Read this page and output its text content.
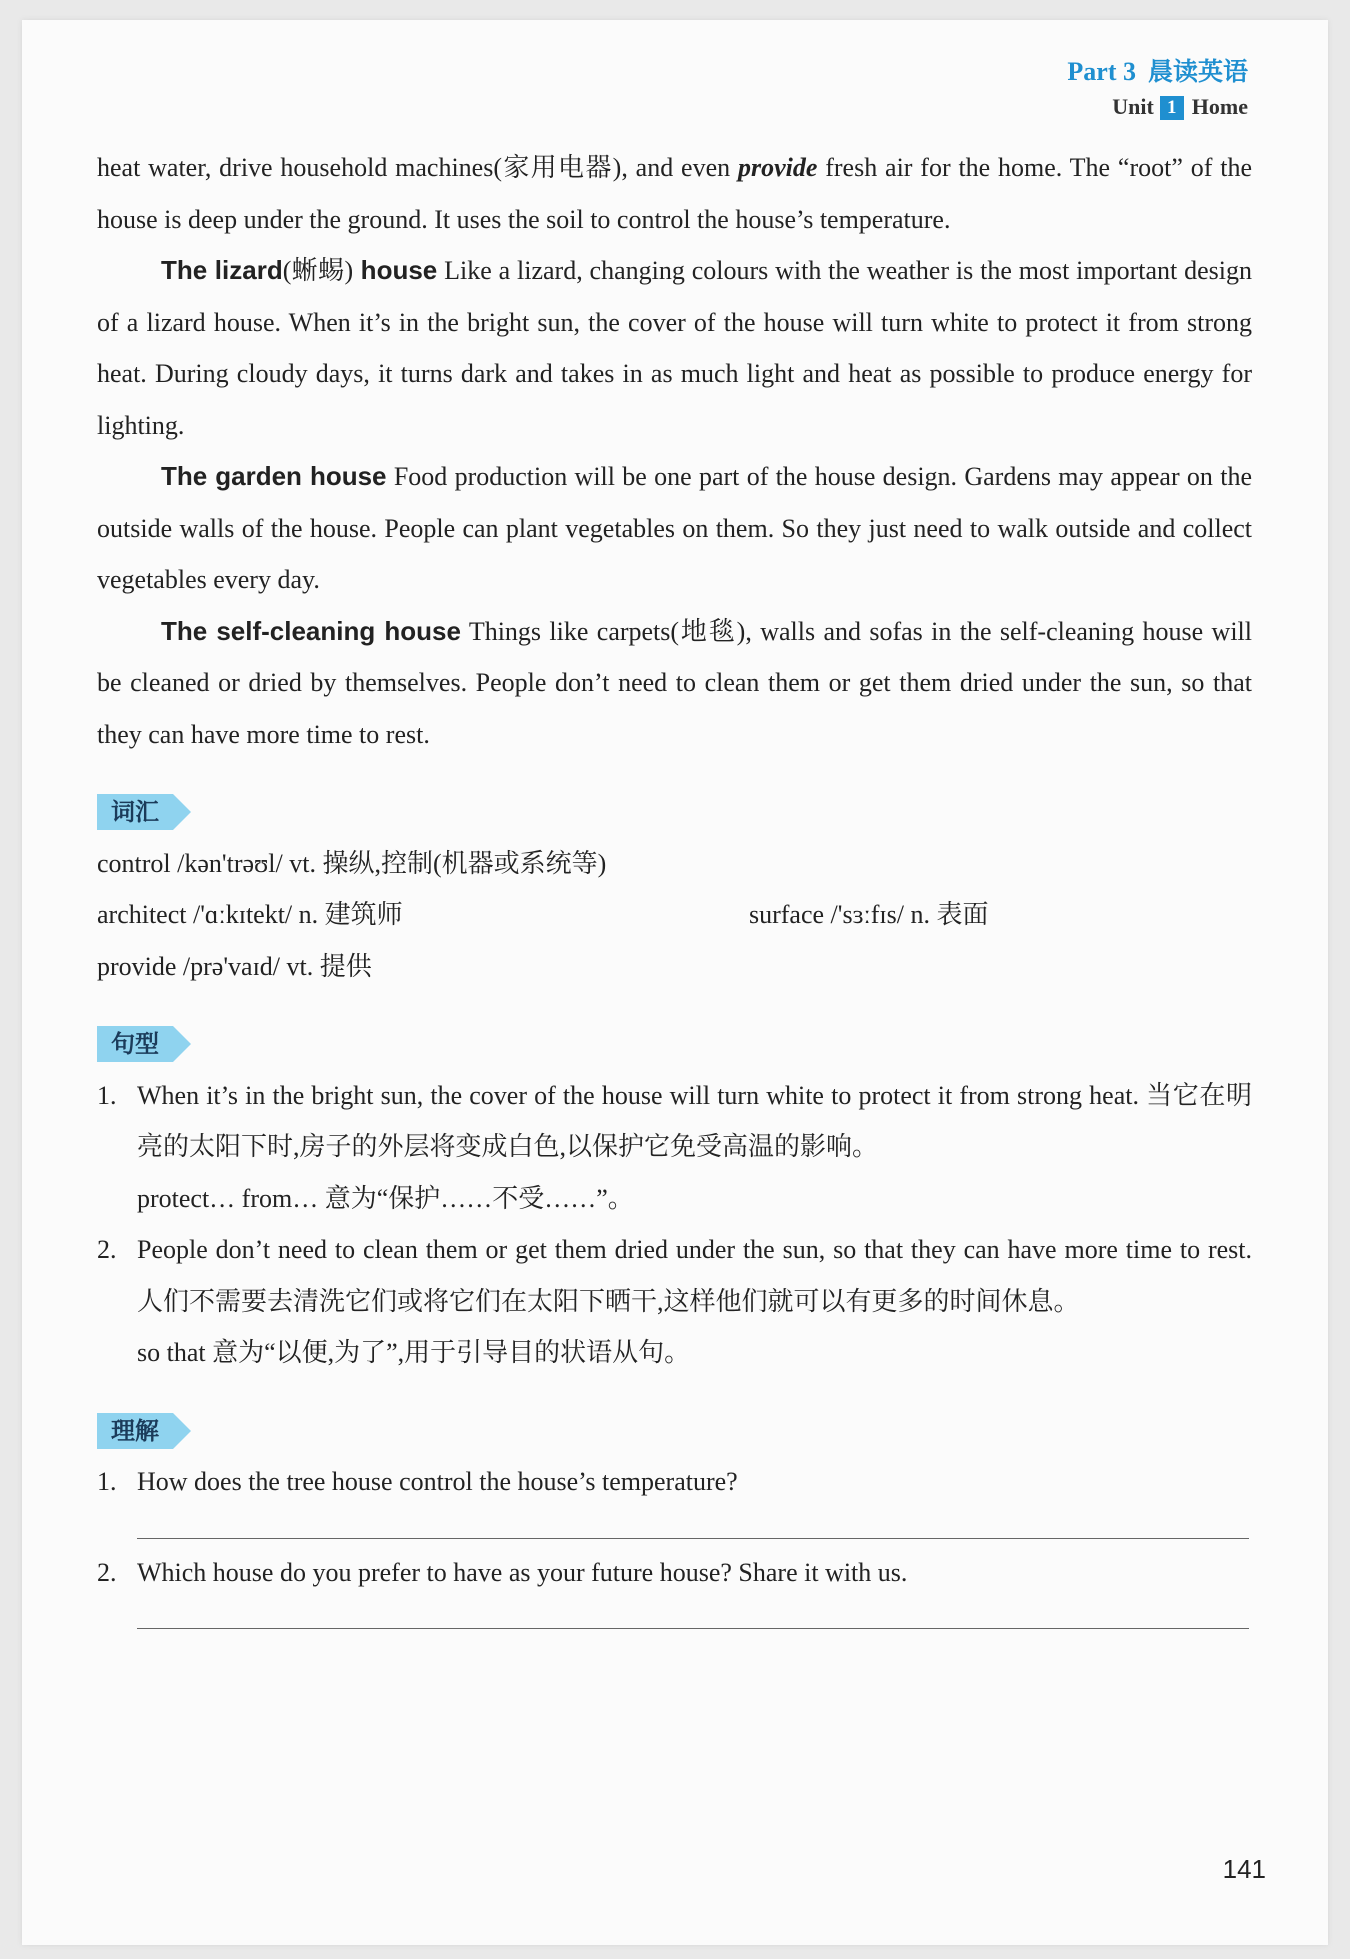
Part 3 晨读英语
Unit 1 Home

heat water, drive household machines(家用电器), and even provide fresh air for the home. The “root” of the house is deep under the ground. It uses the soil to control the house’s temperature.

The lizard(蜥蜴) house Like a lizard, changing colours with the weather is the most important design of a lizard house. When it’s in the bright sun, the cover of the house will turn white to protect it from strong heat. During cloudy days, it turns dark and takes in as much light and heat as possible to produce energy for lighting.

The garden house Food production will be one part of the house design. Gardens may appear on the outside walls of the house. People can plant vegetables on them. So they just need to walk outside and collect vegetables every day.

The self-cleaning house Things like carpets(地毯), walls and sofas in the self-cleaning house will be cleaned or dried by themselves. People don’t need to clean them or get them dried under the sun, so that they can have more time to rest.

词汇
control /kən'trəʊl/ vt. 操纵,控制(机器或系统等)
architect /'ɑːkɪtekt/ n. 建筑师	surface /'sɜːfɪs/ n. 表面
provide /prə'vaɪd/ vt. 提供
句型
1. When it’s in the bright sun, the cover of the house will turn white to protect it from strong heat. 当它在明亮的太阳下时,房子的外层将变成白色,以保护它免受高温的影响。
protect… from… 意为“保护……不受……”。
2. People don’t need to clean them or get them dried under the sun, so that they can have more time to rest. 人们不需要去清洗它们或将它们在太阳下晒干,这样他们就可以有更多的时间休息。
so that 意为“以便,为了”,用于引导目的状语从句。
理解
1. How does the tree house control the house’s temperature?
2. Which house do you prefer to have as your future house? Share it with us.
141
